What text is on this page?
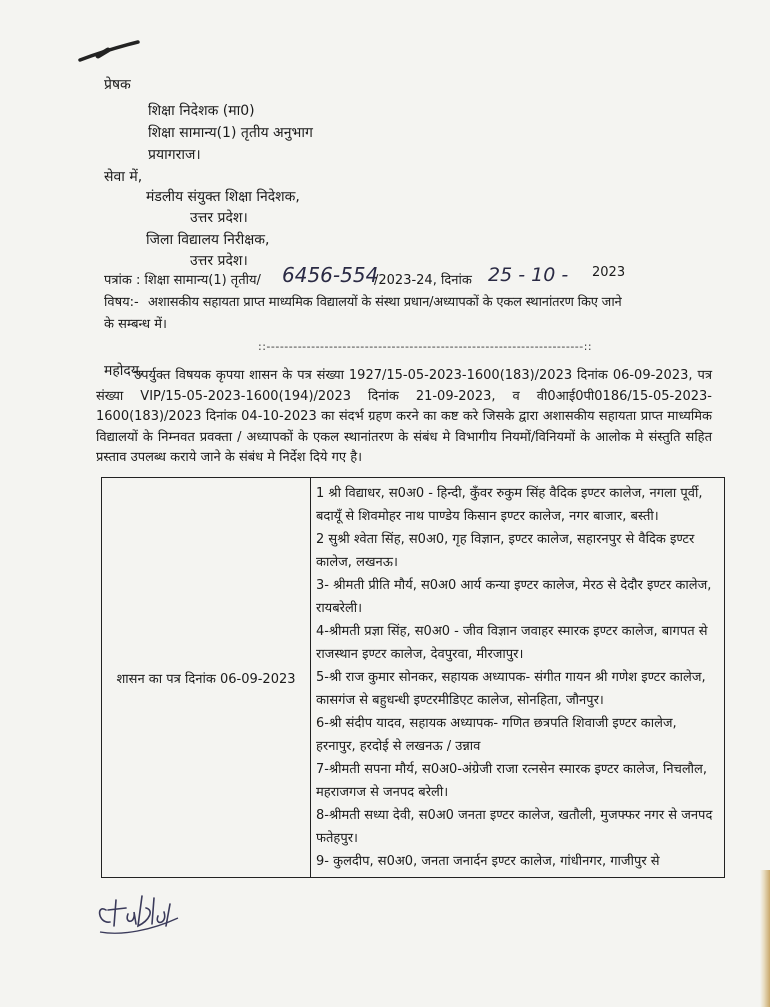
प्रेषक
शिक्षा निदेशक (मा0)
शिक्षा सामान्य(1) तृतीय अनुभाग
प्रयागराज।
सेवा में,
मंडलीय संयुक्त शिक्षा निदेशक,
उत्तर प्रदेश।
जिला विद्यालय निरीक्षक,
उत्तर प्रदेश।
पत्रांक : शिक्षा सामान्य(1) तृतीय/ 6456-554
/2023-24, दिनांक 25 - 10 - 2023
विषय:- अशासकीय सहायता प्राप्त माध्यमिक विद्यालयों के संस्था प्रधान/अध्यापकों के एकल स्थानांतरण किए जाने
के सम्बन्ध में।
::-----------------------------------------------------------------------::
महोदय,
उपर्युक्त विषयक कृपया शासन के पत्र संख्या 1927/15-05-2023-1600(183)/2023 दिनांक 06-09-2023, पत्र संख्या VIP/15-05-2023-1600(194)/2023 दिनांक 21-09-2023, व वी0आई0पी0186/15-05-2023-1600(183)/2023 दिनांक 04-10-2023 का संदर्भ ग्रहण करने का कष्ट करे जिसके द्वारा अशासकीय सहायता प्राप्त माध्यमिक विद्यालयों के निम्नवत प्रवक्ता / अध्यापकों के एकल स्थानांतरण के संबंध मे विभागीय नियमों/विनियमों के आलोक मे संस्तुति सहित प्रस्ताव उपलब्ध कराये जाने के संबंध मे निर्देश दिये गए है।
शासन का पत्र दिनांक 06-09-2023

1 श्री विद्याधर, स0अ0 - हिन्दी, कुँवर रुकुम सिंह वैदिक इण्टर कालेज, नगला पूर्वी, बदायूँ से शिवमोहर नाथ पाण्डेय किसान इण्टर कालेज, नगर बाजार, बस्ती।

2 सुश्री श्वेता सिंह, स0अ0, गृह विज्ञान, इण्टर कालेज, सहारनपुर से वैदिक इण्टर कालेज, लखनऊ।

3- श्रीमती प्रीति मौर्य, स0अ0 आर्य कन्या इण्टर कालेज, मेरठ से देदौर इण्टर कालेज, रायबरेली।

4-श्रीमती प्रज्ञा सिंह, स0अ0 - जीव विज्ञान जवाहर स्मारक इण्टर कालेज, बागपत से राजस्थान इण्टर कालेज, देवपुरवा, मीरजापुर।

5-श्री राज कुमार सोनकर, सहायक अध्यापक- संगीत गायन श्री गणेश इण्टर कालेज, कासगंज से बहुधन्धी इण्टरमीडिएट कालेज, सोनहिता, जौनपुर।

6-श्री संदीप यादव, सहायक अध्यापक- गणित छत्रपति शिवाजी इण्टर कालेज, हरनापुर, हरदोई से लखनऊ / उन्नाव

7-श्रीमती सपना मौर्य, स0अ0-अंग्रेजी राजा रत्नसेन स्मारक इण्टर कालेज, निचलौल, महराजगज से जनपद बरेली।

8-श्रीमती सध्या देवी, स0अ0 जनता इण्टर कालेज, खतौली, मुजफ्फर नगर से जनपद फतेहपुर।

9- कुलदीप, स0अ0, जनता जनार्दन इण्टर कालेज, गांधीनगर, गाजीपुर से
